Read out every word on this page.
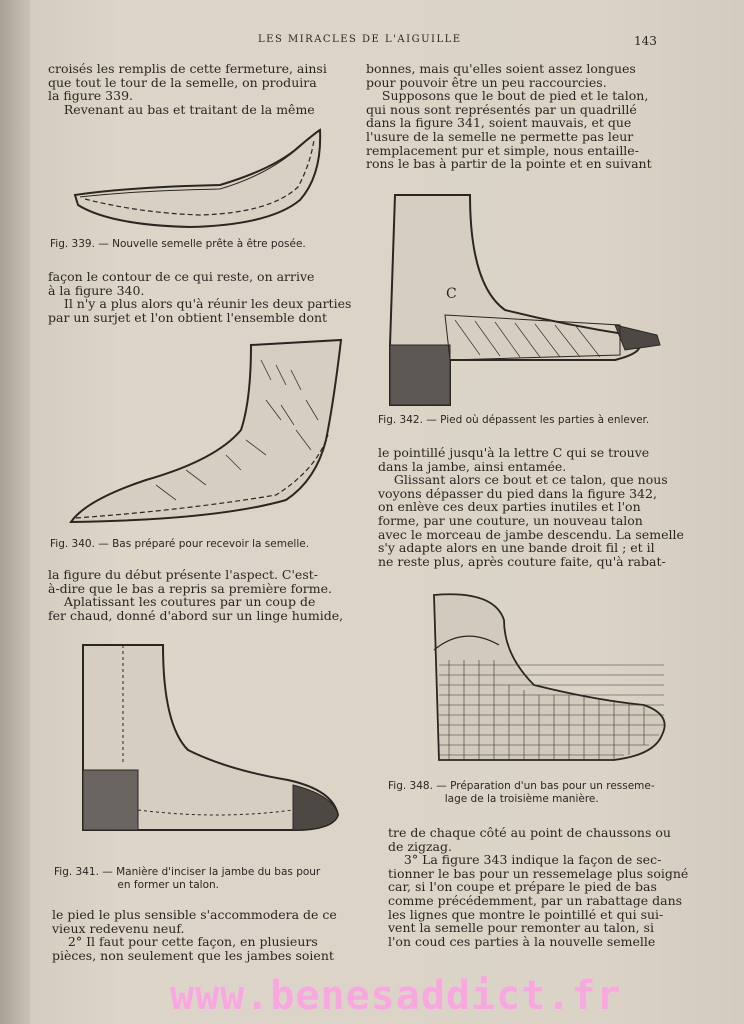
LES MIRACLES DE L'AIGUILLE	143
croisés les remplis de cette fermeture, ainsi
que tout le tour de la semelle, on produira
la figure 339.
Revenant au bas et traitant de la même
Fig. 339. — Nouvelle semelle prête à être posée.
façon le contour de ce qui reste, on arrive
à la figure 340.
Il n'y a plus alors qu'à réunir les deux parties
par un surjet et l'on obtient l'ensemble dont
Fig. 340. — Bas préparé pour recevoir la semelle.
la figure du début présente l'aspect. C'est-
à-dire que le bas a repris sa première forme.
Aplatissant les coutures par un coup de
fer chaud, donné d'abord sur un linge humide,
Fig. 341. — Manière d'inciser la jambe du bas pour
en former un talon.
le pied le plus sensible s'accommodera de ce
vieux redevenu neuf.
2° Il faut pour cette façon, en plusieurs
pièces, non seulement que les jambes soient
bonnes, mais qu'elles soient assez longues
pour pouvoir être un peu raccourcies.
Supposons que le bout de pied et le talon,
qui nous sont représentés par un quadrillé
dans la figure 341, soient mauvais, et que
l'usure de la semelle ne permette pas leur
remplacement pur et simple, nous entaille-
rons le bas à partir de la pointe et en suivant
C
Fig. 342. — Pied où dépassent les parties à enlever.
le pointillé jusqu'à la lettre C qui se trouve
dans la jambe, ainsi entamée.
Glissant alors ce bout et ce talon, que nous
voyons dépasser du pied dans la figure 342,
on enlève ces deux parties inutiles et l'on
forme, par une couture, un nouveau talon
avec le morceau de jambe descendu. La semelle
s'y adapte alors en une bande droit fil ; et il
ne reste plus, après couture faite, qu'à rabat-
Fig. 348. — Préparation d'un bas pour un resseme-
lage de la troisième manière.
tre de chaque côté au point de chaussons ou
de zigzag.
3° La figure 343 indique la façon de sec-
tionner le bas pour un ressemelage plus soigné
car, si l'on coupe et prépare le pied de bas
comme précédemment, par un rabattage dans
les lignes que montre le pointillé et qui sui-
vent la semelle pour remonter au talon, si
l'on coud ces parties à la nouvelle semelle
www.benesaddict.fr
